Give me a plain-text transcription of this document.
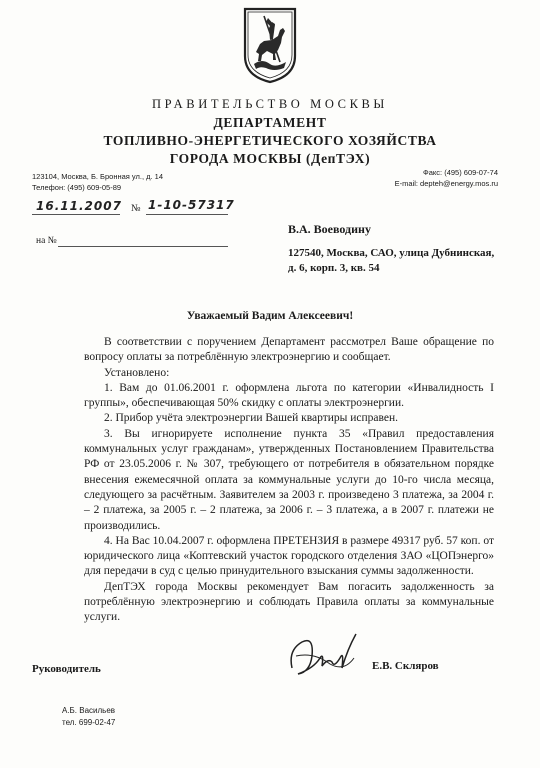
ПРАВИТЕЛЬСТВО МОСКВЫ
ДЕПАРТАМЕНТ
ТОПЛИВНО-ЭНЕРГЕТИЧЕСКОГО ХОЗЯЙСТВА
ГОРОДА МОСКВЫ (ДепТЭХ)
123104, Москва, Б. Бронная ул., д. 14
Телефон: (495) 609-05-89
Факс: (495) 609-07-74
E-mail: depteh@energy.mos.ru
16.11.2007 № 1-10-57317
на №
В.А. Воеводину
127540, Москва, САО, улица Дубнинская,
д. 6, корп. 3, кв. 54
Уважаемый Вадим Алексеевич!

В соответствии с поручением Департамент рассмотрел Ваше обращение по вопросу оплаты за потреблённую электроэнергию и сообщает.

Установлено:

1. Вам до 01.06.2001 г. оформлена льгота по категории «Инвалидность I группы», обеспечивающая 50% скидку с оплаты электроэнергии.

2. Прибор учёта электроэнергии Вашей квартиры исправен.

3. Вы игнорируете исполнение пункта 35 «Правил предоставления коммунальных услуг гражданам», утвержденных Постановлением Правительства РФ от 23.05.2006 г. № 307, требующего от потребителя в обязательном порядке внесения ежемесячной оплата за коммунальные услуги до 10-го числа месяца, следующего за расчётным. Заявителем за 2003 г. произведено 3 платежа, за 2004 г. – 2 платежа, за 2005 г. – 2 платежа, за 2006 г. – 3 платежа, а в 2007 г. платежи не производились.

4. На Вас 10.04.2007 г. оформлена ПРЕТЕНЗИЯ в размере 49317 руб. 57 коп. от юридического лица «Коптевский участок городского отделения ЗАО «ЦОПэнерго» для передачи в суд с целью принудительного взыскания суммы задолженности.

ДепТЭХ города Москвы рекомендует Вам погасить задолженность за потреблённую электроэнергию и соблюдать Правила оплаты за коммунальные услуги.

Руководитель	Е.В. Скляров
А.Б. Васильев
тел. 699-02-47
